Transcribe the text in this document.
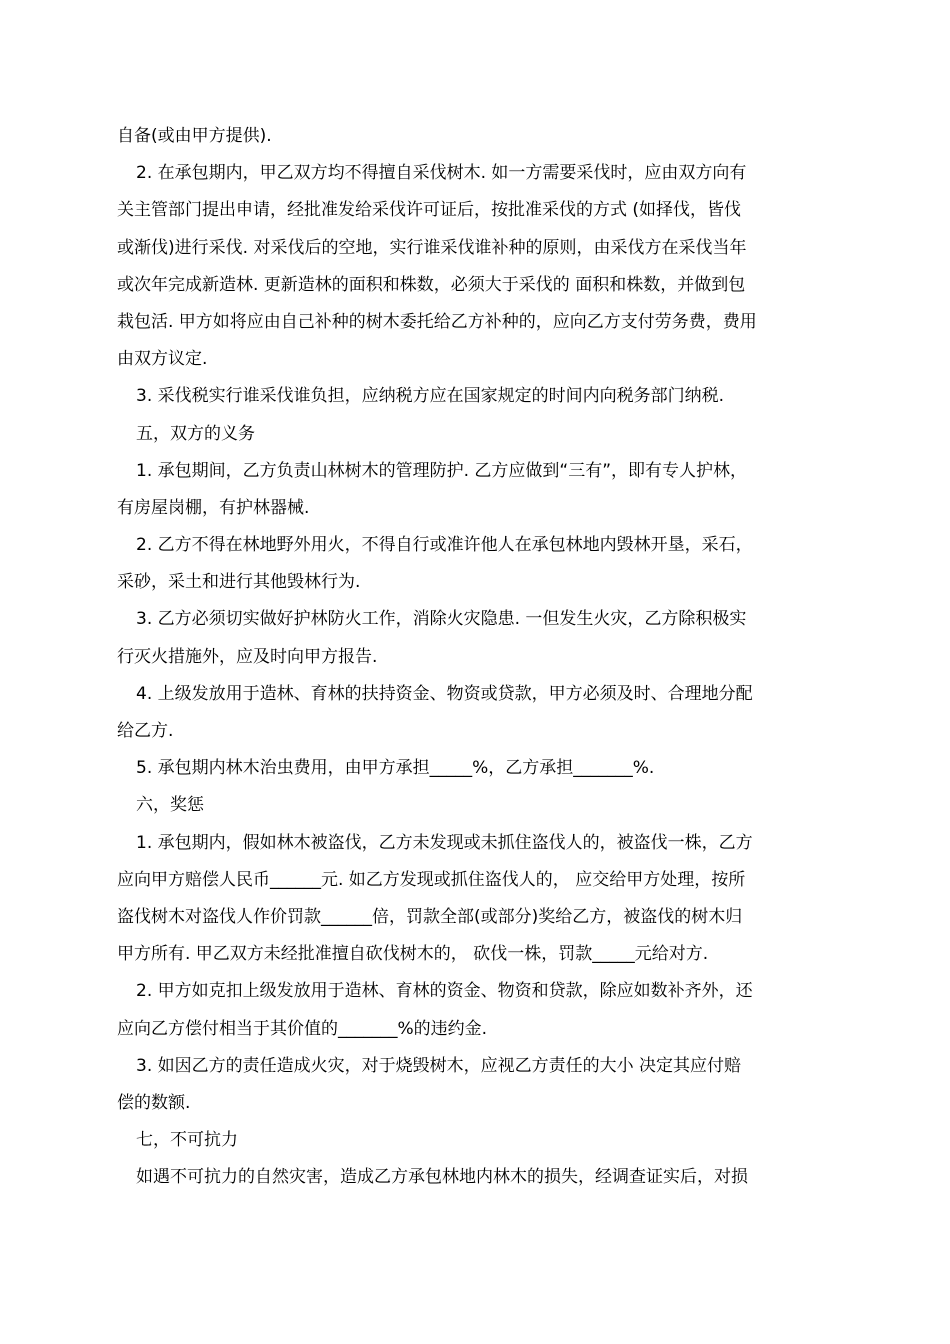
自备(或由甲方提供).
2. 在承包期内，甲乙双方均不得擅自采伐树木. 如一方需要采伐时，应由双方向有
关主管部门提出申请，经批准发给采伐许可证后，按批准采伐的方式 (如择伐，皆伐
或渐伐)进行采伐. 对采伐后的空地，实行谁采伐谁补种的原则，由采伐方在采伐当年
或次年完成新造林. 更新造林的面积和株数，必须大于采伐的 面积和株数，并做到包
栽包活. 甲方如将应由自己补种的树木委托给乙方补种的，应向乙方支付劳务费，费用
由双方议定.
3. 采伐税实行谁采伐谁负担，应纳税方应在国家规定的时间内向税务部门纳税.
五，双方的义务
1. 承包期间，乙方负责山林树木的管理防护. 乙方应做到“三有”，即有专人护林，
有房屋岗棚，有护林器械.
2. 乙方不得在林地野外用火，不得自行或准许他人在承包林地内毁林开垦，采石，
采砂，采土和进行其他毁林行为.
3. 乙方必须切实做好护林防火工作，消除火灾隐患. 一但发生火灾，乙方除积极实
行灭火措施外，应及时向甲方报告.
4. 上级发放用于造林、育林的扶持资金、物资或贷款，甲方必须及时、合理地分配
给乙方.
5. 承包期内林木治虫费用，由甲方承担_____%，乙方承担_______%.
六，奖惩
1. 承包期内，假如林木被盗伐，乙方未发现或未抓住盗伐人的，被盗伐一株，乙方
应向甲方赔偿人民币______元. 如乙方发现或抓住盗伐人的， 应交给甲方处理，按所
盗伐树木对盗伐人作价罚款______倍，罚款全部(或部分)奖给乙方，被盗伐的树木归
甲方所有. 甲乙双方未经批准擅自砍伐树木的， 砍伐一株，罚款_____元给对方.
2. 甲方如克扣上级发放用于造林、育林的资金、物资和贷款，除应如数补齐外，还
应向乙方偿付相当于其价值的_______%的违约金.
3. 如因乙方的责任造成火灾，对于烧毁树木，应视乙方责任的大小 决定其应付赔
偿的数额.
七，不可抗力
如遇不可抗力的自然灾害，造成乙方承包林地内林木的损失，经调查证实后，对损
